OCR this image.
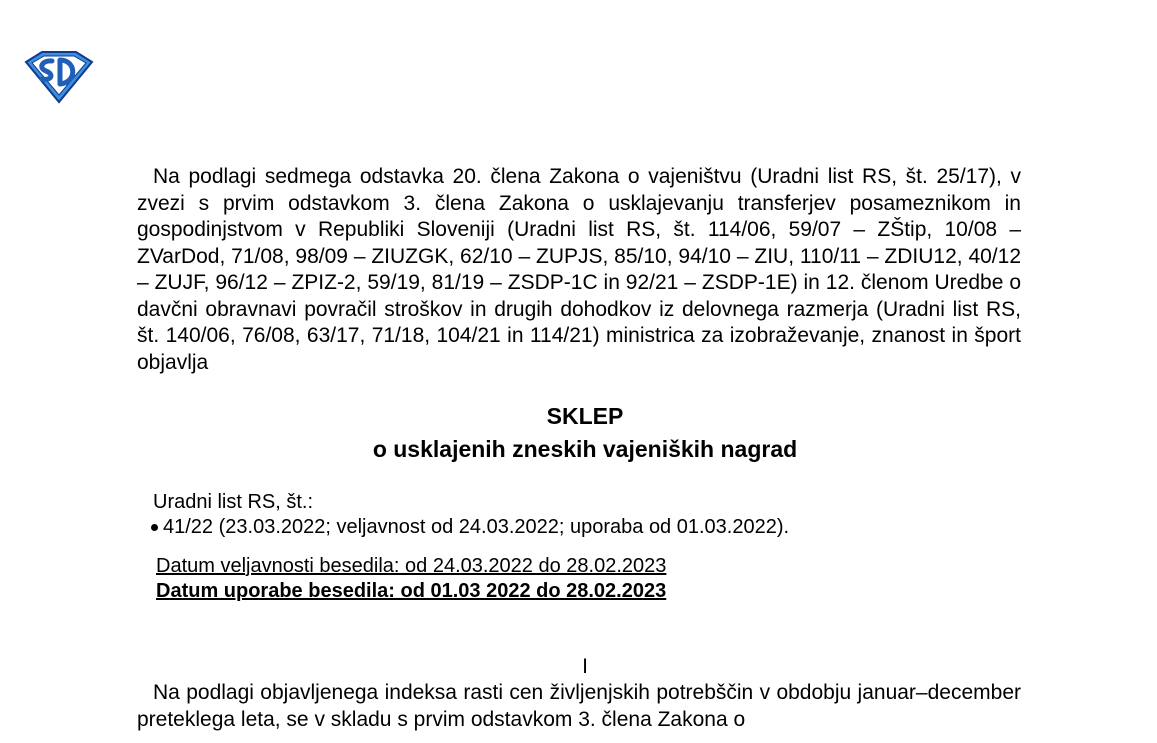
Na podlagi sedmega odstavka 20. člena Zakona o vajeništvu (Uradni list RS, št. 25/17), v zvezi s prvim odstavkom 3. člena Zakona o usklajevanju transferjev posameznikom in gospodinjstvom v Republiki Sloveniji (Uradni list RS, št. 114/06, 59/07 – ZŠtip, 10/08 – ZVarDod, 71/08, 98/09 – ZIUZGK, 62/10 – ZUPJS, 85/10, 94/10 – ZIU, 110/11 – ZDIU12, 40/12 – ZUJF, 96/12 – ZPIZ-2, 59/19, 81/19 – ZSDP-1C in 92/21 – ZSDP-1E) in 12. členom Uredbe o davčni obravnavi povračil stroškov in drugih dohodkov iz delovnega razmerja (Uradni list RS, št. 140/06, 76/08, 63/17, 71/18, 104/21 in 114/21) ministrica za izobraževanje, znanost in šport objavlja

SKLEP
o usklajenih zneskih vajeniških nagrad
Uradni list RS, št.:
41/22 (23.03.2022; veljavnost od 24.03.2022; uporaba od 01.03.2022).
Datum veljavnosti besedila: od 24.03.2022 do 28.02.2023
Datum uporabe besedila: od 01.03 2022 do 28.02.2023
I

Na podlagi objavljenega indeksa rasti cen življenjskih potrebščin v obdobju januar–december preteklega leta, se v skladu s prvim odstavkom 3. člena Zakona o
